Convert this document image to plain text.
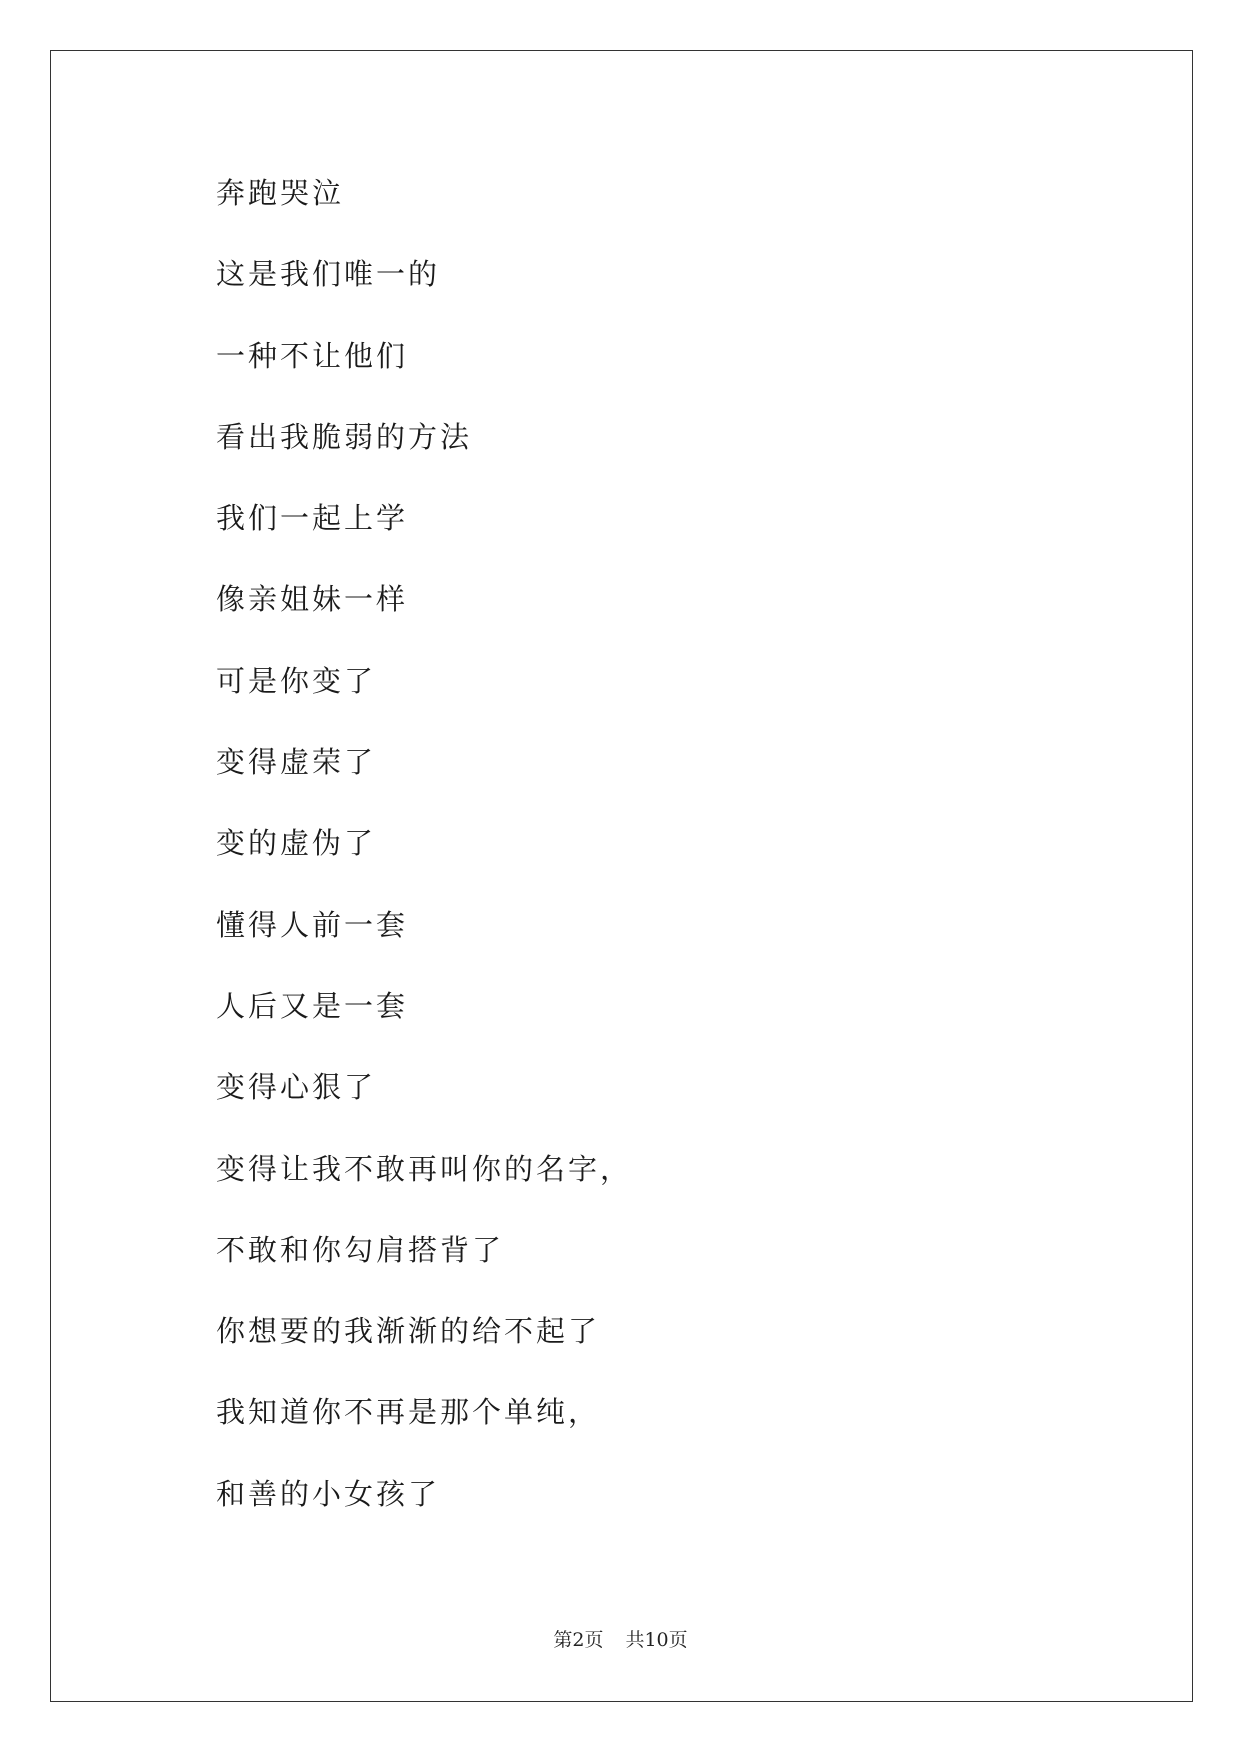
奔跑哭泣
这是我们唯一的
一种不让他们
看出我脆弱的方法
我们一起上学
像亲姐妹一样
可是你变了
变得虚荣了
变的虚伪了
懂得人前一套
人后又是一套
变得心狠了
变得让我不敢再叫你的名字，
不敢和你勾肩搭背了
你想要的我渐渐的给不起了
我知道你不再是那个单纯，
和善的小女孩了
第2页 共10页
